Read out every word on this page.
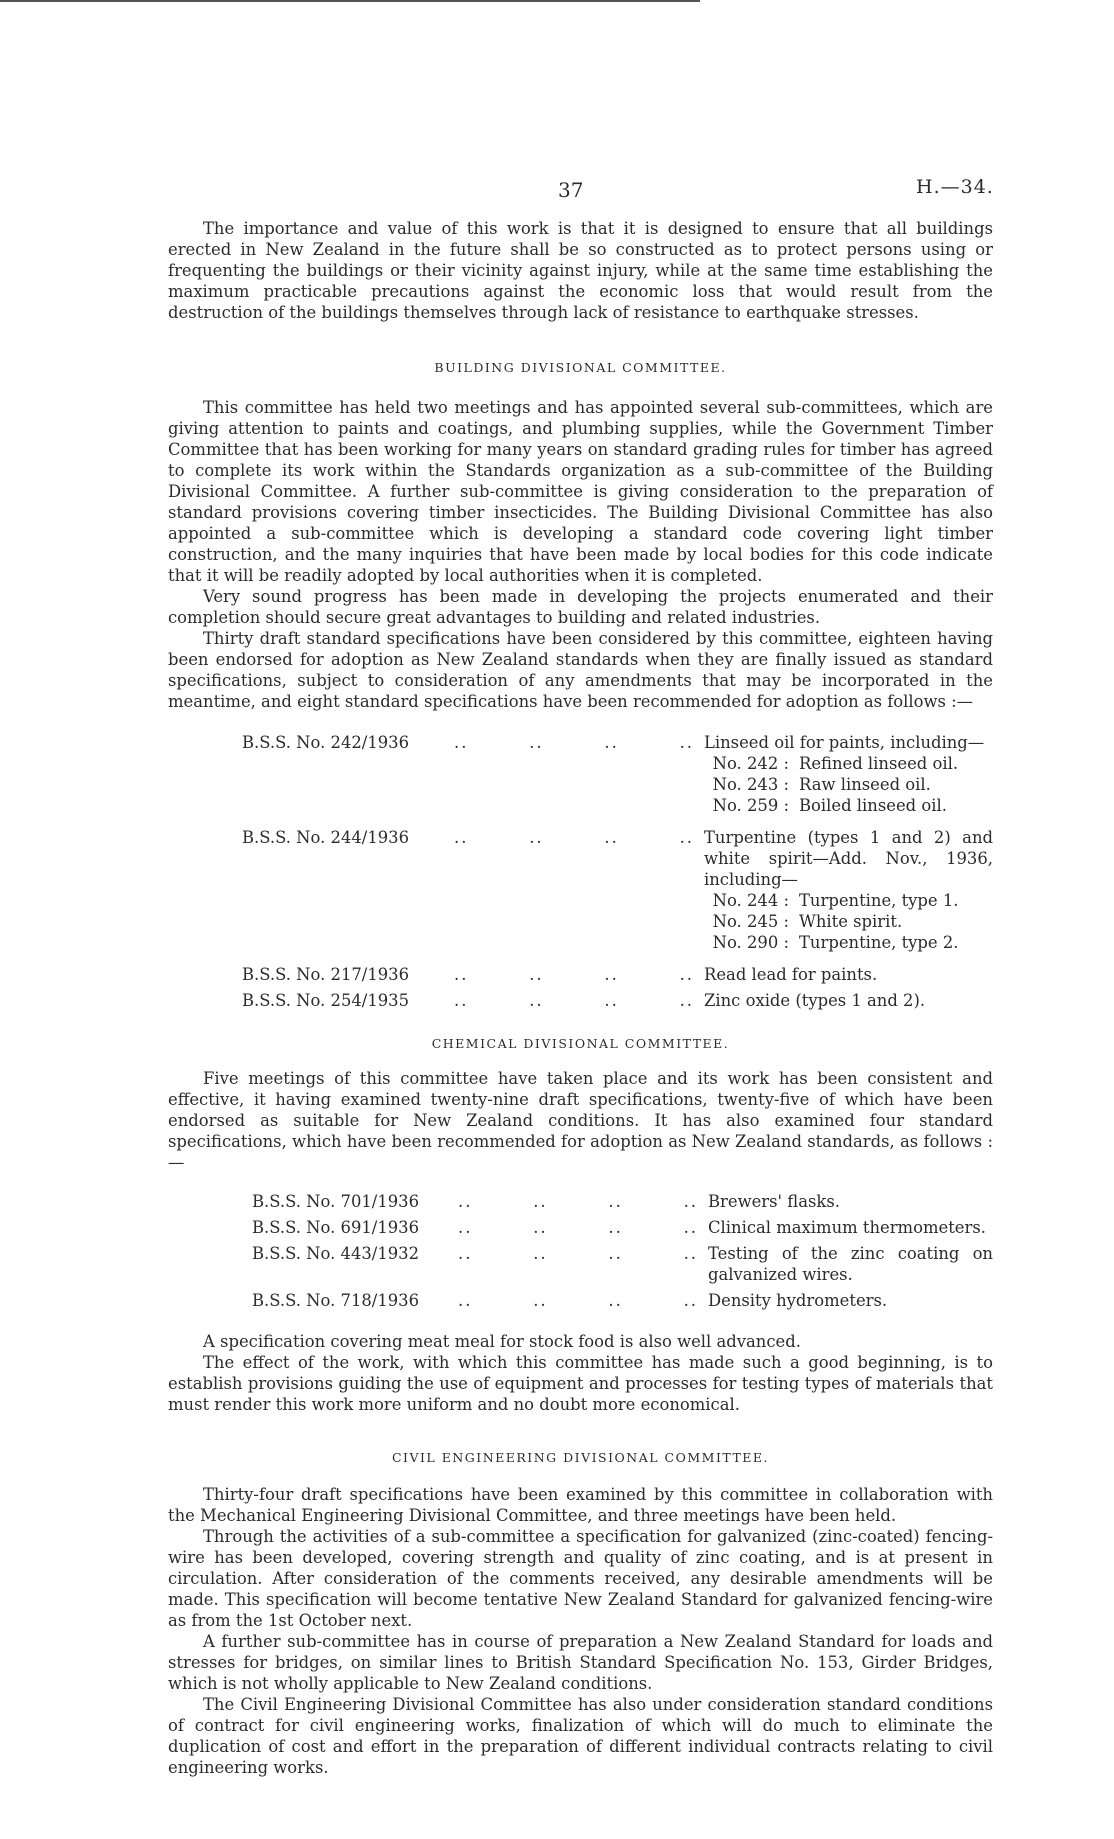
37	H.—34.

The importance and value of this work is that it is designed to ensure that all buildings erected in New Zealand in the future shall be so constructed as to protect persons using or frequenting the buildings or their vicinity against injury, while at the same time establishing the maximum practicable precautions against the economic loss that would result from the destruction of the buildings themselves through lack of resistance to earthquake stresses.

BUILDING DIVISIONAL COMMITTEE.

This committee has held two meetings and has appointed several sub-committees, which are giving attention to paints and coatings, and plumbing supplies, while the Government Timber Committee that has been working for many years on standard grading rules for timber has agreed to complete its work within the Standards organization as a sub-committee of the Building Divisional Committee. A further sub-committee is giving consideration to the preparation of standard provisions covering timber insecticides. The Building Divisional Committee has also appointed a sub-committee which is developing a standard code covering light timber construction, and the many inquiries that have been made by local bodies for this code indicate that it will be readily adopted by local authorities when it is completed.

Very sound progress has been made in developing the projects enumerated and their completion should secure great advantages to building and related industries.

Thirty draft standard specifications have been considered by this committee, eighteen having been endorsed for adoption as New Zealand standards when they are finally issued as standard specifications, subject to consideration of any amendments that may be incorporated in the meantime, and eight standard specifications have been recommended for adoption as follows :—

B.S.S. No. 242/1936	..	..	..	.. Linseed oil for paints, including—
No. 242 : Refined linseed oil.
No. 243 : Raw linseed oil.
No. 259 : Boiled linseed oil.
B.S.S. No. 244/1936	..	..	..	.. Turpentine (types 1 and 2) and white spirit—Add. Nov., 1936, including—
No. 244 : Turpentine, type 1.
No. 245 : White spirit.
No. 290 : Turpentine, type 2.
B.S.S. No. 217/1936	..	..	..	.. Read lead for paints.
B.S.S. No. 254/1935	..	..	..	.. Zinc oxide (types 1 and 2).
CHEMICAL DIVISIONAL COMMITTEE.

Five meetings of this committee have taken place and its work has been consistent and effective, it having examined twenty-nine draft specifications, twenty-five of which have been endorsed as suitable for New Zealand conditions. It has also examined four standard specifications, which have been recommended for adoption as New Zealand standards, as follows :—

B.S.S. No. 701/1936 ..	..	..	.. Brewers' flasks.
B.S.S. No. 691/1936 ..	..	..	.. Clinical maximum thermometers.
B.S.S. No. 443/1932 ..	..	..	.. Testing of the zinc coating on galvanized wires.
B.S.S. No. 718/1936 ..	..	..	.. Density hydrometers.

A specification covering meat meal for stock food is also well advanced.

The effect of the work, with which this committee has made such a good beginning, is to establish provisions guiding the use of equipment and processes for testing types of materials that must render this work more uniform and no doubt more economical.

CIVIL ENGINEERING DIVISIONAL COMMITTEE.

Thirty-four draft specifications have been examined by this committee in collaboration with the Mechanical Engineering Divisional Committee, and three meetings have been held.

Through the activities of a sub-committee a specification for galvanized (zinc-coated) fencing-wire has been developed, covering strength and quality of zinc coating, and is at present in circulation. After consideration of the comments received, any desirable amendments will be made. This specification will become tentative New Zealand Standard for galvanized fencing-wire as from the 1st October next.

A further sub-committee has in course of preparation a New Zealand Standard for loads and stresses for bridges, on similar lines to British Standard Specification No. 153, Girder Bridges, which is not wholly applicable to New Zealand conditions.

The Civil Engineering Divisional Committee has also under consideration standard conditions of contract for civil engineering works, finalization of which will do much to eliminate the duplication of cost and effort in the preparation of different individual contracts relating to civil engineering works.
